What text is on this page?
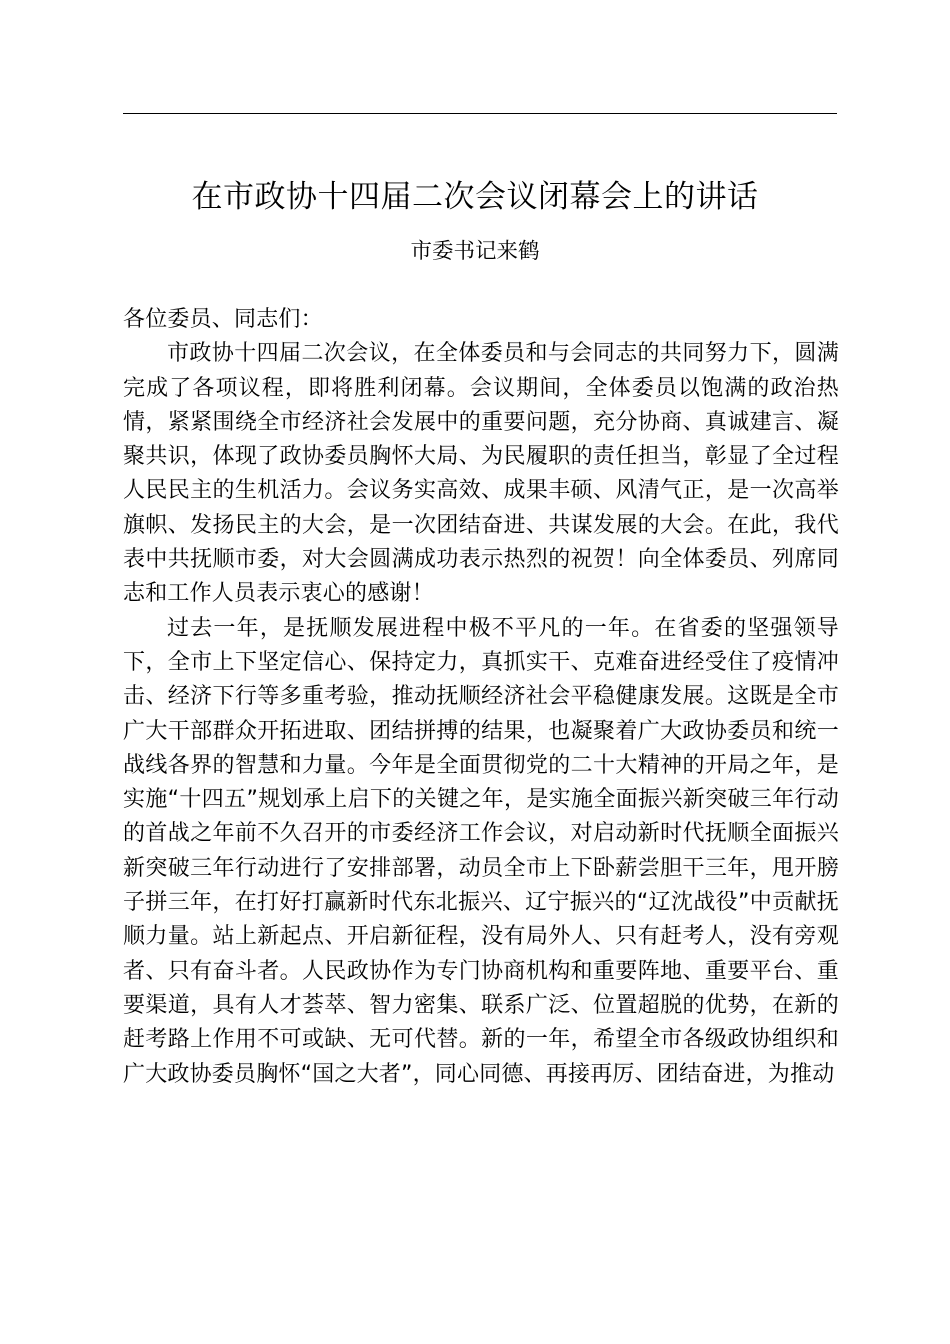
在市政协十四届二次会议闭幕会上的讲话
市委书记来鹤

各位委员、同志们：

市政协十四届二次会议，在全体委员和与会同志的共同努力下，圆满完成了各项议程，即将胜利闭幕。会议期间，全体委员以饱满的政治热情，紧紧围绕全市经济社会发展中的重要问题，充分协商、真诚建言、凝聚共识，体现了政协委员胸怀大局、为民履职的责任担当，彰显了全过程人民民主的生机活力。会议务实高效、成果丰硕、风清气正，是一次高举旗帜、发扬民主的大会，是一次团结奋进、共谋发展的大会。在此，我代表中共抚顺市委，对大会圆满成功表示热烈的祝贺！向全体委员、列席同志和工作人员表示衷心的感谢！

过去一年，是抚顺发展进程中极不平凡的一年。在省委的坚强领导下，全市上下坚定信心、保持定力，真抓实干、克难奋进经受住了疫情冲击、经济下行等多重考验，推动抚顺经济社会平稳健康发展。这既是全市广大干部群众开拓进取、团结拼搏的结果，也凝聚着广大政协委员和统一战线各界的智慧和力量。今年是全面贯彻党的二十大精神的开局之年，是实施“十四五”规划承上启下的关键之年，是实施全面振兴新突破三年行动的首战之年前不久召开的市委经济工作会议，对启动新时代抚顺全面振兴新突破三年行动进行了安排部署，动员全市上下卧薪尝胆干三年，甩开膀子拼三年，在打好打赢新时代东北振兴、辽宁振兴的“辽沈战役”中贡献抚顺力量。站上新起点、开启新征程，没有局外人、只有赶考人，没有旁观者、只有奋斗者。人民政协作为专门协商机构和重要阵地、重要平台、重要渠道，具有人才荟萃、智力密集、联系广泛、位置超脱的优势，在新的赶考路上作用不可或缺、无可代替。新的一年，希望全市各级政协组织和广大政协委员胸怀“国之大者”，同心同德、再接再厉、团结奋进，为推动
